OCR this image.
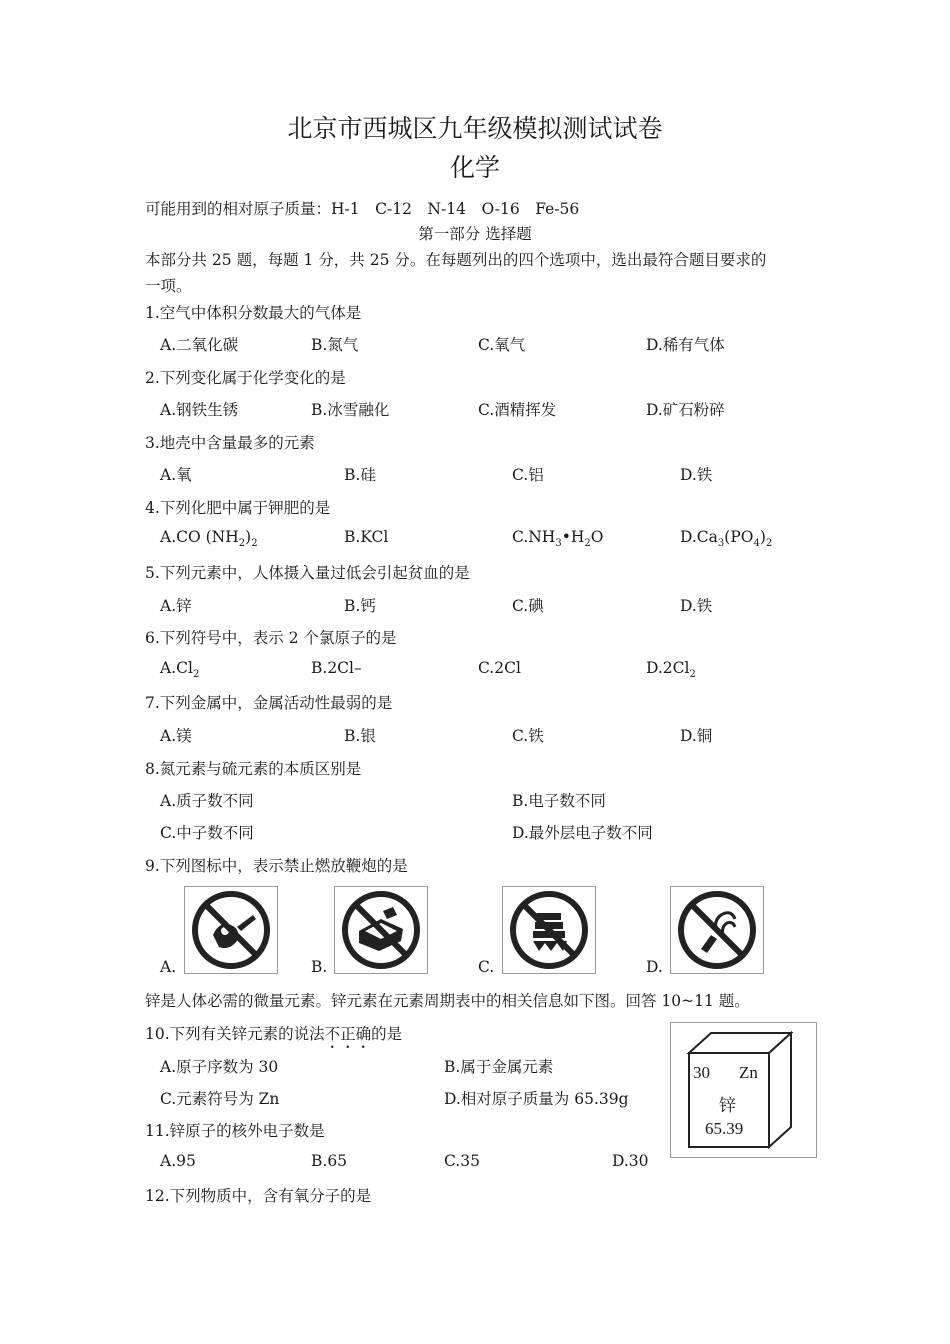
北京市西城区九年级模拟测试试卷
化学
可能用到的相对原子质量：H-1　C-12　N-14　O-16　Fe-56
第一部分 选择题
本部分共 25 题，每题 1 分，共 25 分。在每题列出的四个选项中，选出最符合题目要求的
一项。
1.空气中体积分数最大的气体是
A.二氧化碳	B.氮气	C.氧气	D.稀有气体
2.下列变化属于化学变化的是
A.钢铁生锈	B.冰雪融化	C.酒精挥发	D.矿石粉碎
3.地壳中含量最多的元素
A.氧	B.硅	C.铝	D.铁
4.下列化肥中属于钾肥的是
A.CO $(NH_2)_2$	B.KCl	$C.NH_3•H_2O$	$D.Ca_3(PO_4)_2$
5.下列元素中，人体摄入量过低会引起贫血的是
A.锌	B.钙	C.碘	D.铁
6.下列符号中，表示 2 个氯原子的是
$A.Cl_2$	B.2Cl–	C.2Cl	$D.2Cl_2$
7.下列金属中，金属活动性最弱的是
A.镁	B.银	C.铁	D.铜
8.氮元素与硫元素的本质区别是
A.质子数不同	B.电子数不同
C.中子数不同	D.最外层电子数不同
9.下列图标中，表示禁止燃放鞭炮的是
A.	B.	C.	D.
锌是人体必需的微量元素。锌元素在元素周期表中的相关信息如下图。回答 10~11 题。
10.下列有关锌元素的说法不正确的是
A.原子序数为 30	B.属于金属元素
C.元素符号为 Zn	D.相对原子质量为 65.39g
30 Zn
锌
65.39
11.锌原子的核外电子数是
A.95	B.65	C.35	D.30
12.下列物质中，含有氧分子的是
